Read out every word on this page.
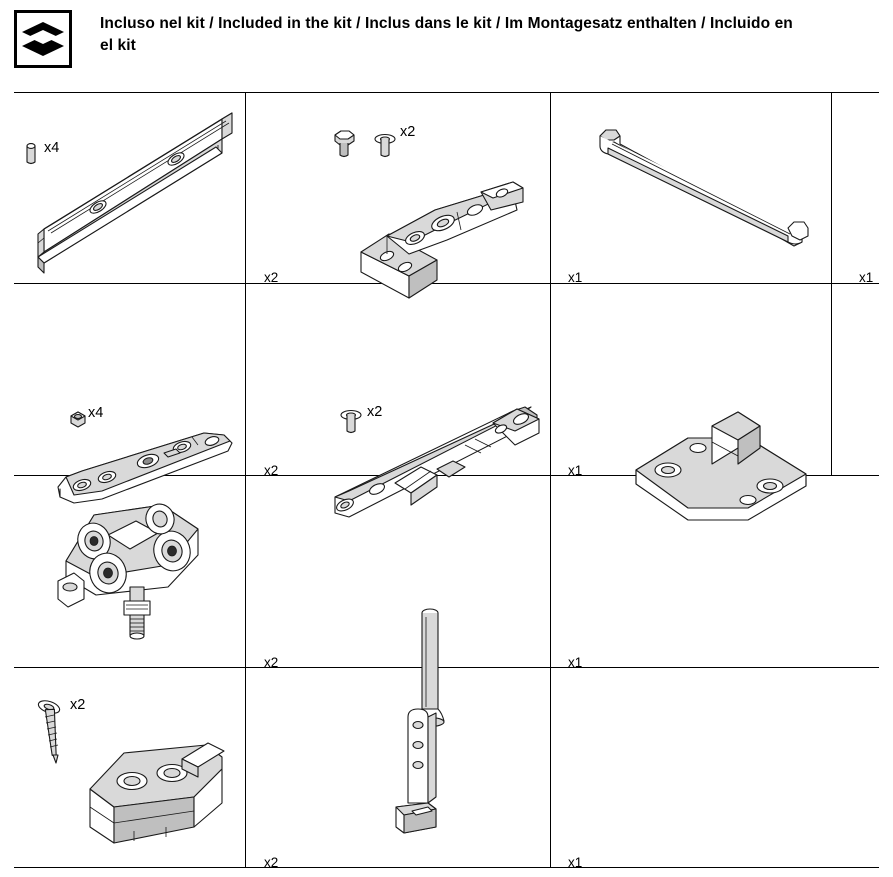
Incluso nel kit / Included in the kit / Inclus dans le kit / Im Montagesatz enthalten / Incluido en el kit
x4
x2
x2
x1	x1
x4
x2
x2
x1
x2	x1
x2
x2	x1
